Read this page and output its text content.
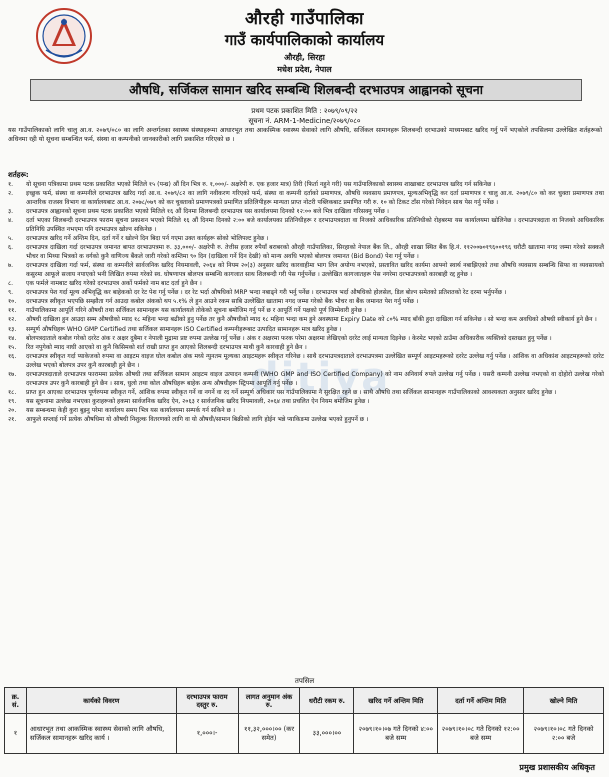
औरही गाउँपालिका
गाउँ कार्यपालिकाको कार्यालय
औरही, सिरहा
मधेश प्रदेश, नेपाल
औषधि, सर्जिकल सामान खरिद सम्बन्धि शिलबन्दी दरभाउपत्र आह्वानको सूचना
प्रथम पटक प्रकाशित मिति : २०७९/०९/२२
सूचना नं. ARM-1-Medicine/२०७९/०८०
ditiya
यस गाउँपालिकाको लागि चालु आ.व. २०७९/०८० का लागि अन्तर्गतका स्वास्थ्य संस्थाहरूमा आधारभूत तथा आकस्मिक स्वास्थ्य सेवाको लागि औषधि, सर्जिकल सामानहरू शिलबन्दी दरभाउको माध्यमबाट खरिद गर्नु पर्ने भएकोले तपसिलमा उल्लेखित शर्तहरूको अधिनमा रही यो सूचना सम्बन्धित फर्म, संस्था वा कम्पनीको जानकारीको लागि प्रकाशित गरिएको छ ।
शर्तहरू:
१.	यो सूचना पत्रिकामा प्रथम पटक प्रकाशित भएको मितिले १५ (पन्ध्र) औं दिन भित्र रु. १,०००/- अक्षरेपी रु. एक हजार मात्र) तिरी (फिर्ता नहुने गरी) यस गाउँपालिकाको स्वास्थ्य शाखाबाट दरभाउपत्र खरिद गर्न सकिनेछ ।
२.	इच्छुक फर्म, संस्था वा कम्पनीले दरभाउपत्र खरिद गर्दा आ.व. २०७९/८२ का लागि नवीकरण गरिएको फर्म, संस्था वा कम्पनी दर्ताको प्रमाणपत्र, औषधि व्यवसाय प्रमाणपत्र, मूल्यअभिवृद्धि कर दर्ता प्रमाणपत्र र चालु आ.व. २०७९/८० को कर चुक्ता प्रमाणपत्र तथा आन्तरिक राजस्व विभाग वा कार्यालयबाट आ.व. २०७८/०७९ को कर चुक्ताको प्रमाणपत्रको प्रमाणित प्रतिलिपीहरू मान्यता प्राप्त नोटरी पब्लिकबाट प्रमाणित गरी रु. १० को टिकट टाँस गरेको निवेदन साथ पेस गर्नु पर्नेछ ।
३.	दरभाउपत्र आह्वानको सूचना प्रथम पटक प्रकाशित भएको मितिले १६ औं दिनमा शिलबन्दी दरभाउपत्र यस कार्यालयमा दिनको १२:०० बजे भित्र दाखिला गरिसक्नु पर्नेछ ।
४.	दर्ता भएका शिलबन्दी दरभाउपत्र फाराम सूचना प्रकाशन भएको मितिले १६ औं दिनमा दिनको २:०० बजे कार्यालयका प्रतिनिधीहरू र दरभाउपत्रदाता वा निजको आधिकारिक प्रतिनिधीको रोहबरमा यस कार्यालयमा खोलिनेछ । दरभाउपत्रदाता वा निजको आधिकारिक प्रतिनिधि उपस्थित नभएमा पनि दरभाउपत्र खोल्न सकिनेछ ।
५.	दरभाउपत्र खरिद गर्ने अन्तिम दिन, दर्ता गर्ने र खोल्ने दिन बिदा पर्न गएमा उक्त कार्यहरू सोको भोलिपल्ट हुनेछ ।
६.	दरभाउपत्र दाखिला गर्दा दरभाउपत्र जमानत बापत दरभाउपत्रमा रु. ३३,०००/- अक्षरेपी रु. तेत्तीस हजार रुपैयाँ बराबरको औरही गाउँपालिका, सिरहाको नेपाल बैंक लि., औरही शाखा स्थित बैंक हि.नं. ११२००७०१९६००१९६ धरौटी खातामा नगद जम्मा गरेको सक्कलै भौचर वा मिथ्या भित्रको क वर्गको कुनै वाणिज्य बैंकले जारी गरेको कम्तिमा ९० दिन (दाखिला गर्ने दिन देखी) को मान्य अवधि भएको बोलपत्र जमानत (Bid Bond) पेश गर्नु पर्नेछ ।
७.	दरभाउपत्र दाखिला गर्दा फर्म, संस्था वा कम्पनीले सार्वजनिक खरिद नियमावली, २०६४ को नियम २०(३) अनुसार खरिद कारवाहीमा भाग लिन अयोग्य नभएको, प्रस्तावित खरिद कार्यमा आफ्नो स्वार्थ नबाझिएको तथा औषधि व्यवसाय सम्बन्धि सिफा वा व्यवसायको कसुरमा आफूले सजाय नपाएको भनी लिखित रुपमा गरेको स्व. घोषणापत्र बोलपत्र सम्बन्धि कागजात साथ शिलबन्दी गरी पेस गर्नुपर्नेछ । उल्लेखित कागजातहरू पेस नगरेमा दरभाउपत्रको कारबाही रद्द हुनेछ ।
८.	एक फर्मले नामबाट खरिद गरेको दरभाउपत्र अर्को फर्मको नाम बाट दर्ता हुने छैन ।
९.	दरभाउपत्र पेश गर्दा मूल्य अभिवृद्धि कर बाहेकको दर रेट पेश गर्नु पर्नेछ । दर रेट भर्दा औषधिको MRP भन्दा नबाढ्ने गरी भर्नु पर्नेछ । दरभाउपत्र भर्दा औषधिको होलसेल, डिल बोल्न समेतको प्रतिशतको रेट दरमा भर्नुपर्नेछ ।
१०.	दरभाउपत्र स्वीकृत भएपछि सम्झौता गर्न आउदा कबोल अंकको थप ५.१% ले हुन आउने रकम साबि उल्लेखित खातामा नगद जम्मा गरेको बैंक भौचर वा बैंक जमानत पेश गर्नु पर्नेछ ।
११.	गाउँपालिकामा आपूर्ति गरिने औषधी तथा सर्जिकल सामानहरू यस कार्यालयले तोकेको सूचना बमोजिम गर्नु पर्ने छ र आपूर्ति गर्ने पक्षको पूर्ण जिम्मेवारी हुनेछ ।
१२.	औषधी दाखिला हुन आउदा सम्म औषधीको म्याद १८ महिना भन्दा बढीको हुनु पर्नेछ तर कुनै औषधीको म्याद १८ महिना भन्दा कम हुने अवस्थामा Expiry Date को ८०% म्याद बाँकी हुदा दाखिला गर्न सकिनेछ । सो भन्दा कम अवधिको औषधी स्वीकार्य हुने छैन ।
१३.	सम्पूर्ण औषधिहरू WHO GMP Certified तथा सर्जिकल सामानहरू ISO Certified कम्पनीहरूबाट उत्पादित सामानहरू मात्र खरिद हुनेछ ।
१४.	बोलपत्रदाताले कबोल गरेको दररेट अंक र अक्षर दुबैमा र नेपाली मुद्रामा प्रष्ट रुपमा उल्लेख गर्नु पर्नेछ । अंक र अक्षरमा फरक परेमा अक्षरमा लेखिएको दररेट लाई मान्यता दिइनेछ । केरमेट भएको ठाउँमा अधिकारीक व्यक्तिको दस्तखत हुनु पर्नेछ ।
१५.	रित नपुगेको म्याद नाघी आएको वा कुनै किसिमको शर्त राखी प्राप्त हुन आएको शिलबन्दी दरभाउपत्र माथी कुनै कारवाही हुने छैन ।
१६.	दरभाउपत्र स्वीकृत गर्दा प्याकेजको रुपमा वा आइटम वाइज घोल कबोल अंक मध्ये न्युनतम मूल्यका आइटमहरू स्वीकृत गरिनेछ । साथै दरभाउपत्रदाताले दरभाउपत्रमा उल्लेखित सम्पूर्ण आइटमहरूको दररेट उल्लेख गर्नु पर्नेछ । आंशिक वा अधिकांश आइटमहरूको दररेट उल्लेख भएको बोलपत्र उपर कुनै कारबाही हुने छैन ।
१७.	दरभाउपत्रदाताले दरभाउपत्र फाराममा प्रत्येक औषधी तथा सर्जिकल सामान आइटम वाइज उत्पादन कम्पनी (WHO GMP and ISO Certified Company) को नाम अनिवार्य रुपले उल्लेख गर्नु पर्नेछ । यसरी कम्पनी उल्लेख नभएको वा दोहोरो उल्लेख गरेको दरभाउपत्र उपर कुनै कारबाही हुने छैन । साथ, धुलो तथा कोल औषधिहरू बाहेक अन्य औषधीहरू स्ट्रिपमा आपूर्ति गर्नु पर्नेछ ।
१८.	प्राप्त हुन आएका दरभाउपत्र पूर्णरुपमा स्वीकृत गर्ने, आंशिक रुपमा स्वीकृत गर्ने वा नगर्ने वा रद गर्ने सम्पूर्ण अधिकार यस गाउँपालिकामा नै सुरक्षित रहने छ । साथै औषधि तथा सर्जिकल सामानहरू गाउँपालिकाको आवश्यकता अनुसार खरिद हुनेछ ।
१९.	यस सूचनामा उल्लेख नभएका कुराहरूको हकमा सार्वजनिक खरिद ऐन, २०६३ र सार्वजनिक खरिद नियमावली, २०६४ तथा प्रचलित ऐन नियम बमोजिम हुनेछ ।
२०.	यस सम्बन्धमा केही कुरा बुझ्नु परेमा कार्यालय समय भित्र यस कार्यालयमा सम्पर्क गर्न सकिने छ ।
२१.	आफुले सप्लाई गर्ने प्रत्येक औषधिमा यो औषधी निशुल्क वितरणको लागि वा यो औषधी/सामान बिक्रीको लागि होईन भन्ने प्याकिङमा उल्लेख भएको हुनुपर्ने छ ।
तपसिल
क्र. सं.	कार्यको विवरण	दरभाउपत्र फाराम दस्तुर रु.	लागत अनुमान अंक रु.	धरौटी रकम रु.	खरिद गर्ने अन्तिम मिति	दर्ता गर्ने अन्तिम मिति	खोल्ने मिति
१	आधारभूत तथा आकस्मिक स्वास्थ्य सेवाको लागि औषधि, सर्जिकल सामानहरू खरिद कार्य ।	१,०००।-	११,३२,०००।०० (कर समेत)	३३,०००।००	२०७९।१०।०७ गते दिनको ४:०० बजे सम्म	२०७९।१०।०८ गते दिनको १२:०० बजे सम्म	२०७९।१०।०८ गते दिनको २:०० बजे
प्रमुख प्रशासकीय अधिकृत
